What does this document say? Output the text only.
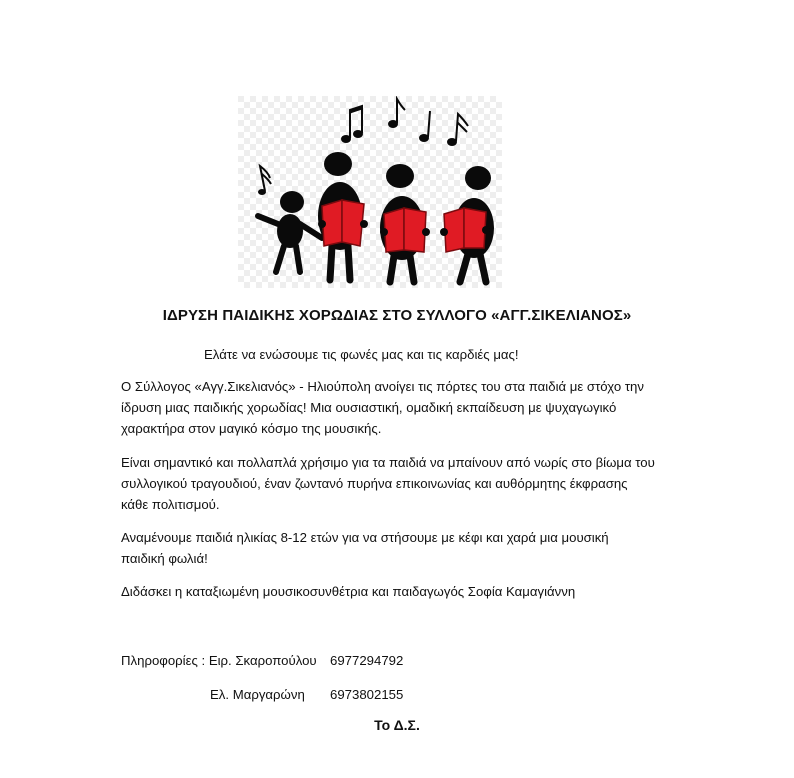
ΙΔΡΥΣΗ ΠΑΙΔΙΚΗΣ ΧΟΡΩΔΙΑΣ ΣΤΟ ΣΥΛΛΟΓΟ «ΑΓΓ.ΣΙΚΕΛΙΑΝΟΣ»
Ελάτε να ενώσουμε τις φωνές μας και τις καρδιές μας!
Ο Σύλλογος «Αγγ.Σικελιανός» - Ηλιούπολη ανοίγει τις πόρτες του στα παιδιά με στόχο την
ίδρυση μιας παιδικής χορωδίας! Μια ουσιαστική, ομαδική εκπαίδευση με ψυχαγωγικό
χαρακτήρα στον μαγικό κόσμο της μουσικής.
Είναι σημαντικό και πολλαπλά χρήσιμο για τα παιδιά να μπαίνουν από νωρίς στο βίωμα του
συλλογικού τραγουδιού, έναν ζωντανό πυρήνα επικοινωνίας και αυθόρμητης έκφρασης
κάθε πολιτισμού.
Αναμένουμε παιδιά ηλικίας 8-12 ετών για να στήσουμε με κέφι και χαρά μια μουσική
παιδική φωλιά!
Διδάσκει η καταξιωμένη μουσικοσυνθέτρια και παιδαγωγός Σοφία Καμαγιάννη
Πληροφορίες : Ειρ. Σκαροπούλου 6977294792
Ελ. Μαργαρώνη 6973802155
Το Δ.Σ.
